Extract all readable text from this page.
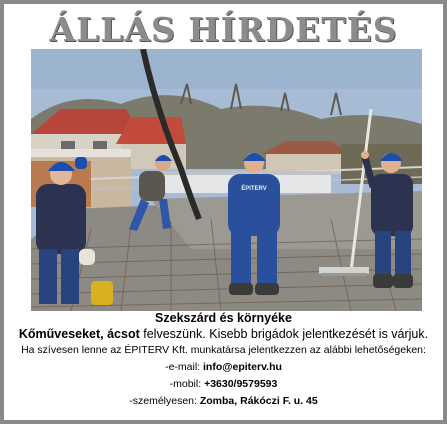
ÁLLÁS HÍRDETÉS
ÉPITERV
Szekszárd és környéke
Kőműveseket, ácsot felveszünk. Kisebb brigádok jelentkezését is várjuk.
Ha szívesen lenne az ÉPITERV Kft. munkatársa jelentkezzen az alábbi lehetőségeken:
-e-mail: info@epiterv.hu
-mobil: +3630/9579593
-személyesen: Zomba, Rákóczi F. u. 45
